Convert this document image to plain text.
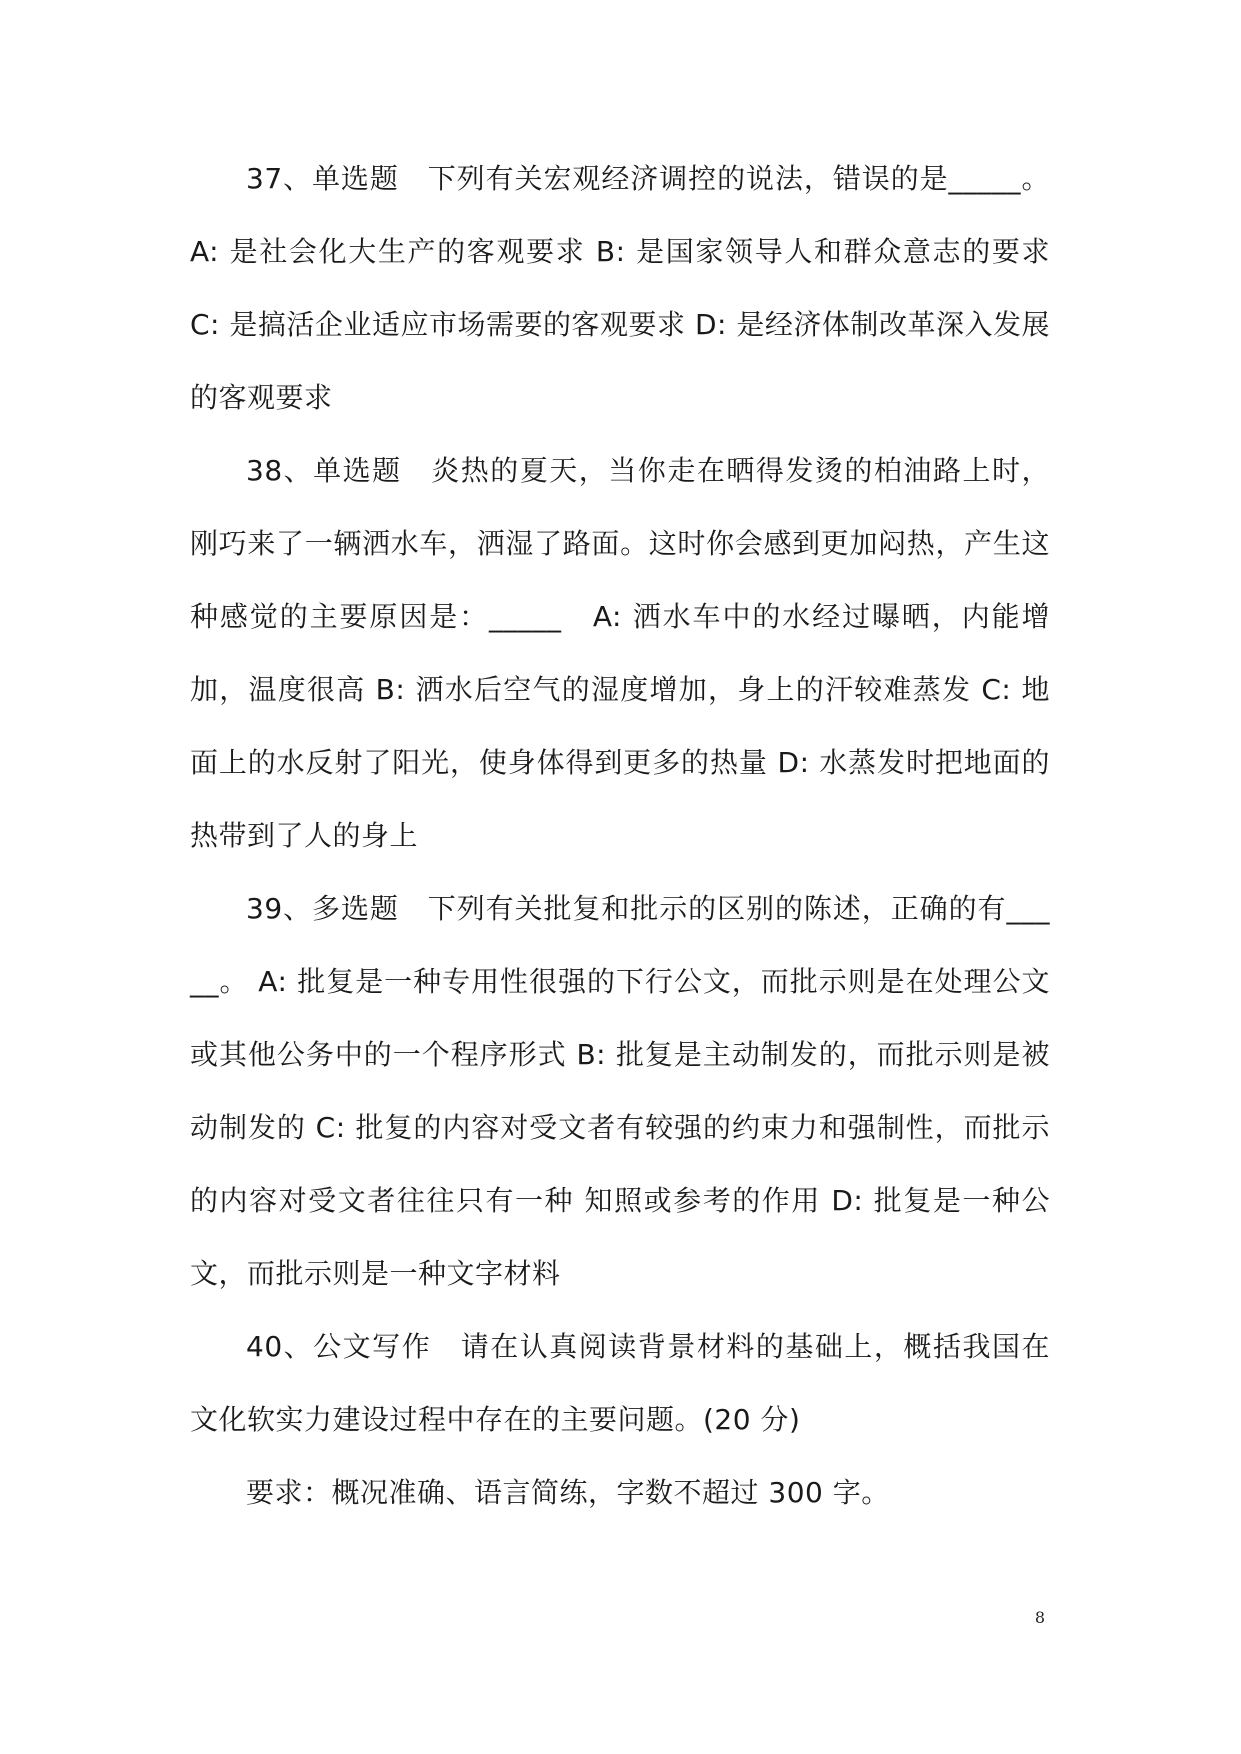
37、单选题　下列有关宏观经济调控的说法，错误的是_____。 A: 是社会化大生产的客观要求 B: 是国家领导人和群众意志的要求 C: 是搞活企业适应市场需要的客观要求 D: 是经济体制改革深入发展的客观要求

38、单选题　炎热的夏天，当你走在晒得发烫的柏油路上时，刚巧来了一辆洒水车，洒湿了路面。这时你会感到更加闷热，产生这种感觉的主要原因是：_____　A: 洒水车中的水经过曝晒，内能增加，温度很高 B: 洒水后空气的湿度增加，身上的汗较难蒸发 C: 地面上的水反射了阳光，使身体得到更多的热量 D: 水蒸发时把地面的热带到了人的身上

39、多选题　下列有关批复和批示的区别的陈述，正确的有_____。 A: 批复是一种专用性很强的下行公文，而批示则是在处理公文或其他公务中的一个程序形式 B: 批复是主动制发的，而批示则是被动制发的 C: 批复的内容对受文者有较强的约束力和强制性，而批示的内容对受文者往往只有一种 知照或参考的作用 D: 批复是一种公文，而批示则是一种文字材料

40、公文写作　请在认真阅读背景材料的基础上，概括我国在文化软实力建设过程中存在的主要问题。(20 分)

要求：概况准确、语言简练，字数不超过 300 字。

8
